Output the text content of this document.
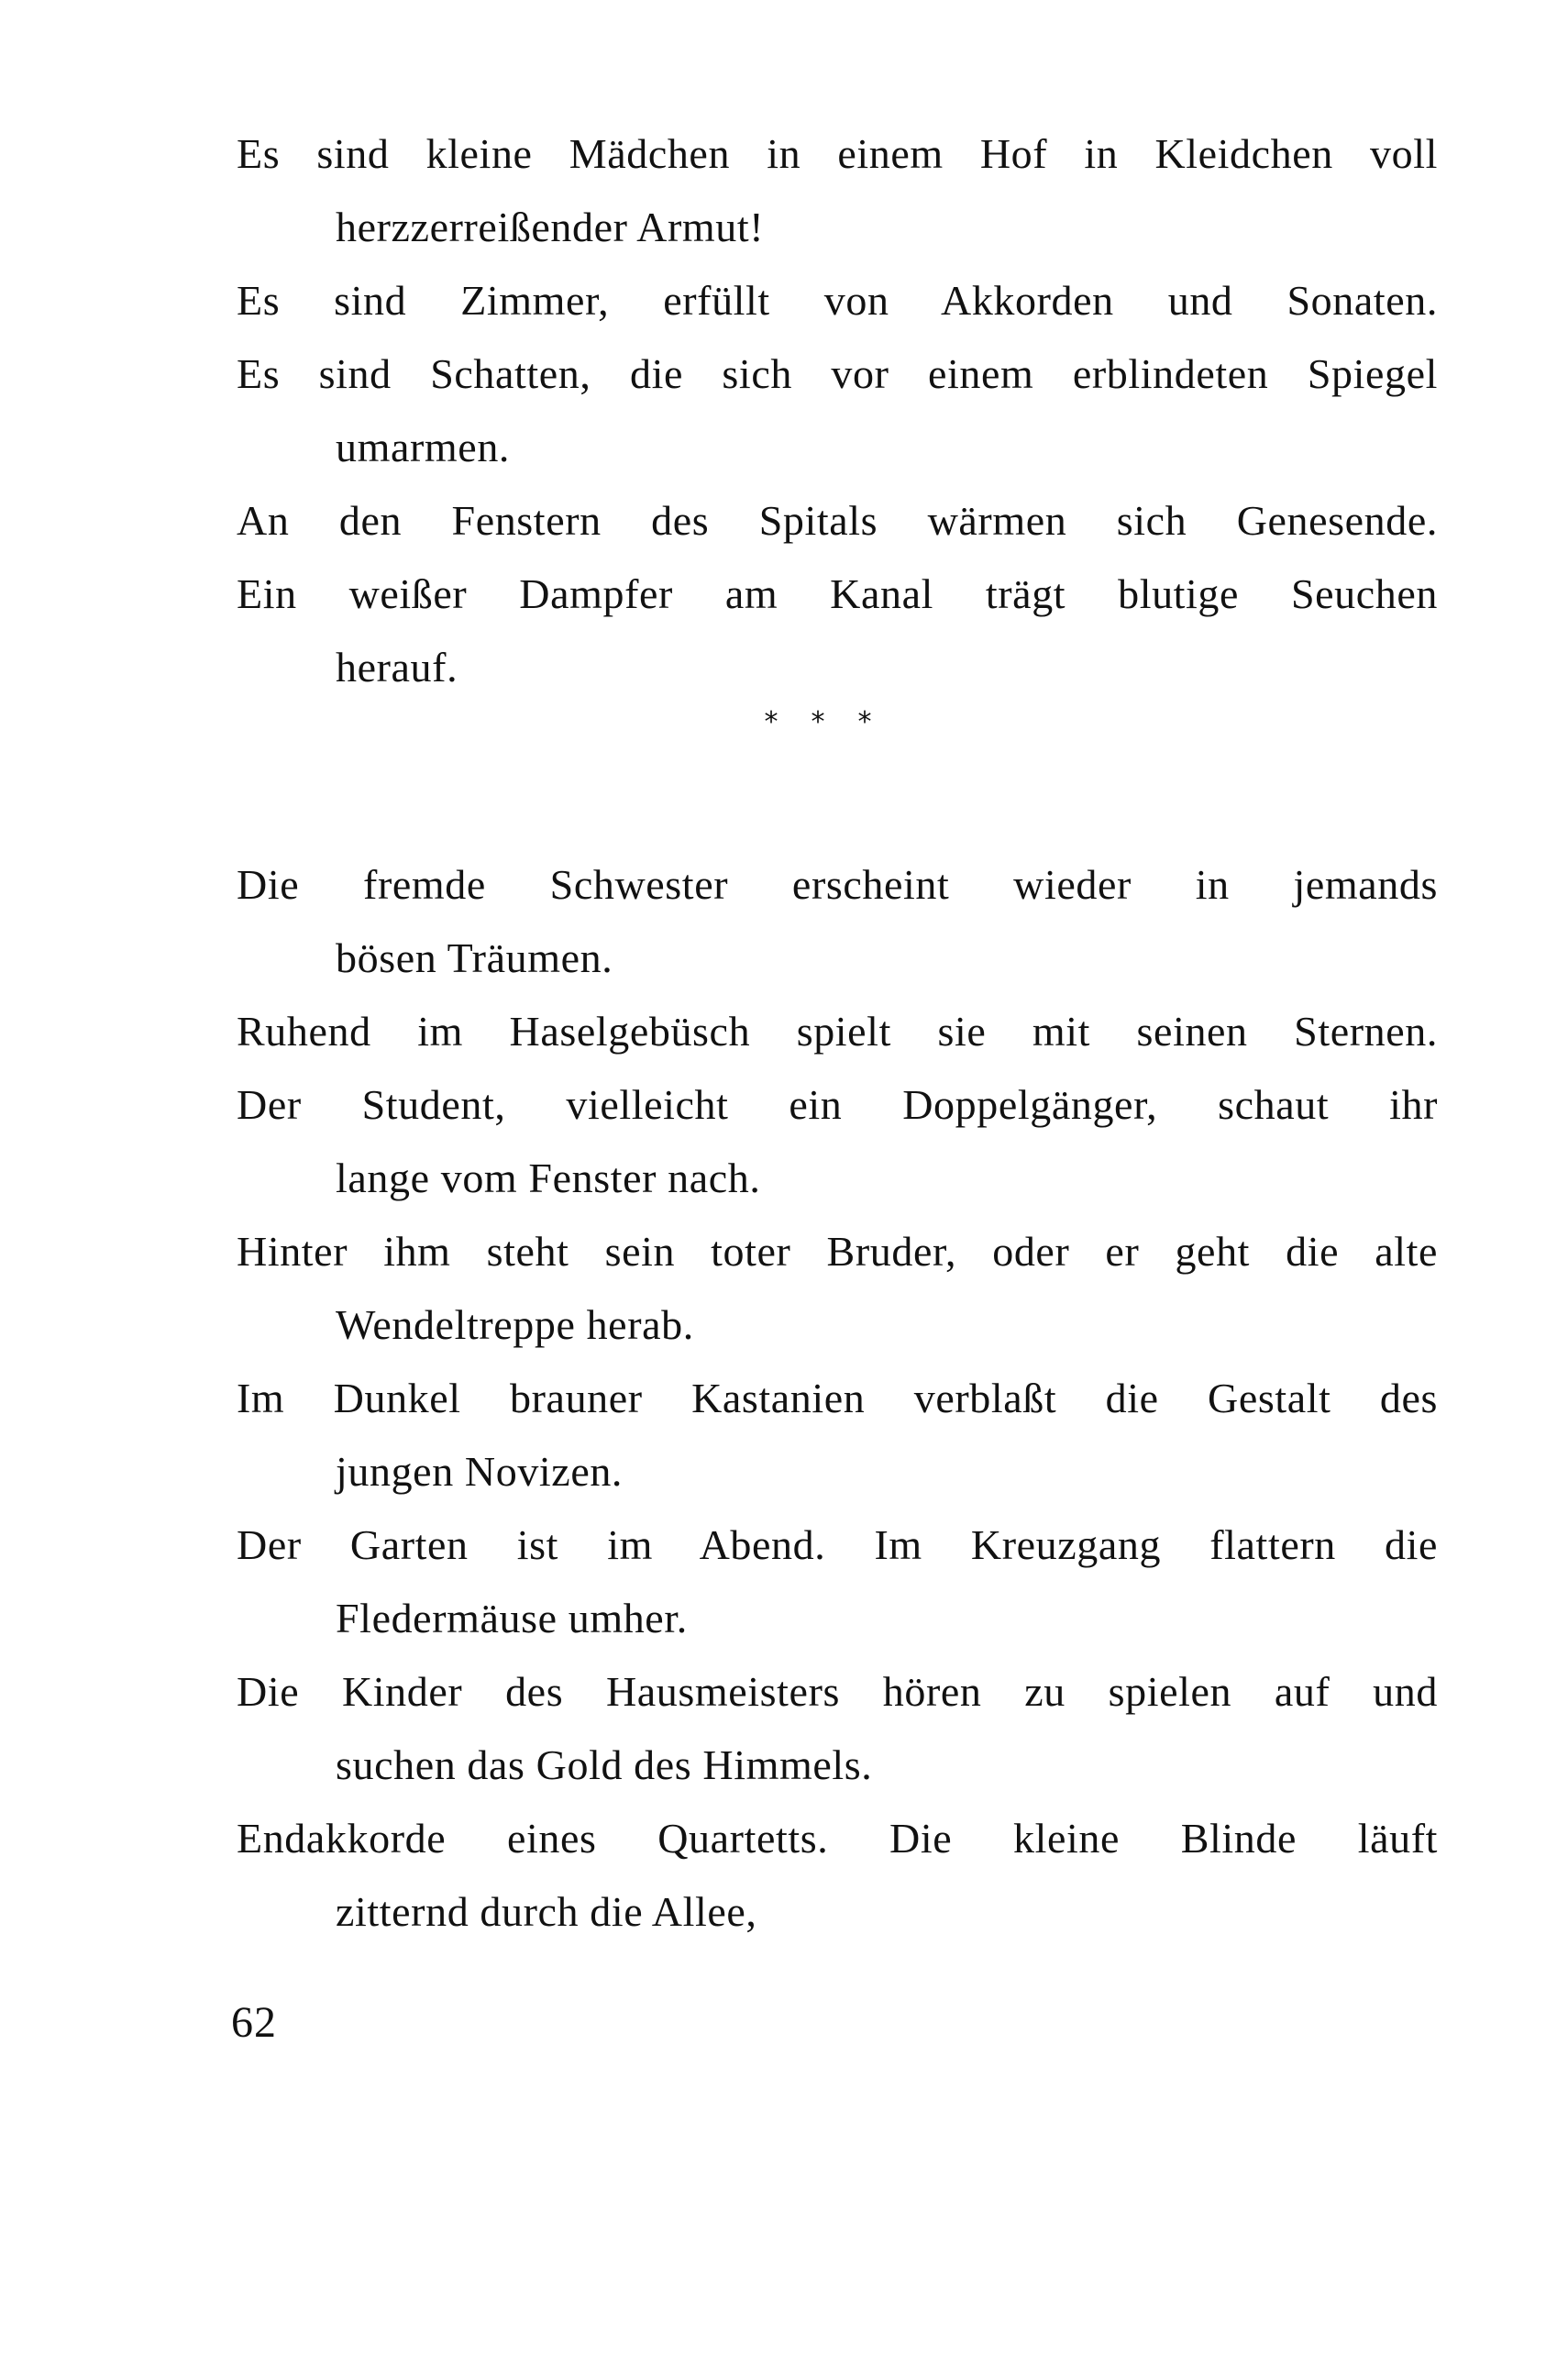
Es sind kleine Mädchen in einem Hof in Kleidchen voll
herzzerreißender Armut!
Es sind Zimmer, erfüllt von Akkorden und Sonaten.
Es sind Schatten, die sich vor einem erblindeten Spiegel
umarmen.
An den Fenstern des Spitals wärmen sich Genesende.
Ein weißer Dampfer am Kanal trägt blutige Seuchen
herauf.
***
Die fremde Schwester erscheint wieder in jemands
bösen Träumen.
Ruhend im Haselgebüsch spielt sie mit seinen Sternen.
Der Student, vielleicht ein Doppelgänger, schaut ihr
lange vom Fenster nach.
Hinter ihm steht sein toter Bruder, oder er geht die alte
Wendeltreppe herab.
Im Dunkel brauner Kastanien verblaßt die Gestalt des
jungen Novizen.
Der Garten ist im Abend. Im Kreuzgang flattern die
Fledermäuse umher.
Die Kinder des Hausmeisters hören zu spielen auf und
suchen das Gold des Himmels.
Endakkorde eines Quartetts. Die kleine Blinde läuft
zitternd durch die Allee,
62
